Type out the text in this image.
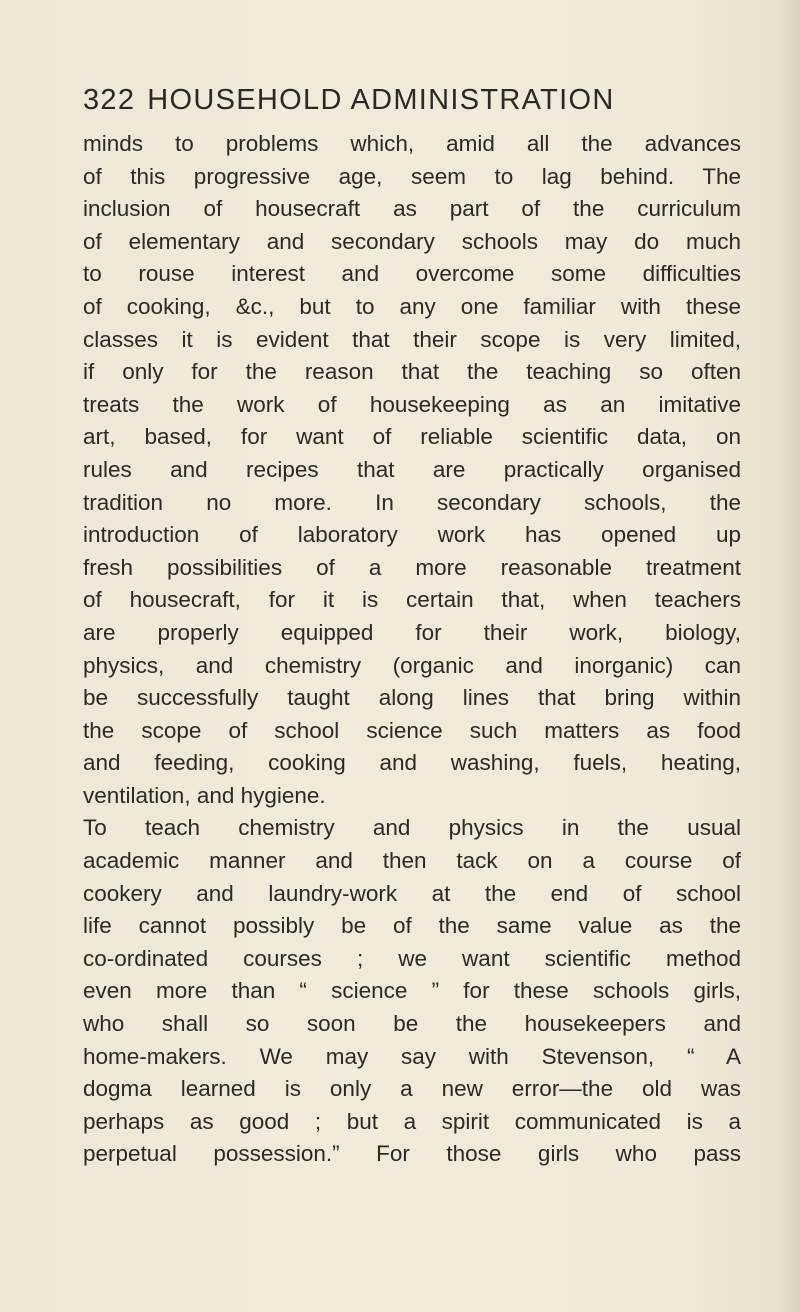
322 HOUSEHOLD ADMINISTRATION
minds to problems which, amid all the advances
of this progressive age, seem to lag behind. The
inclusion of housecraft as part of the curriculum
of elementary and secondary schools may do much
to rouse interest and overcome some difficulties
of cooking, &c., but to any one familiar with these
classes it is evident that their scope is very limited,
if only for the reason that the teaching so often
treats the work of housekeeping as an imitative
art, based, for want of reliable scientific data, on
rules and recipes that are practically organised
tradition no more. In secondary schools, the
introduction of laboratory work has opened up
fresh possibilities of a more reasonable treatment
of housecraft, for it is certain that, when teachers
are properly equipped for their work, biology,
physics, and chemistry (organic and inorganic) can
be successfully taught along lines that bring within
the scope of school science such matters as food
and feeding, cooking and washing, fuels, heating,
ventilation, and hygiene.
To teach chemistry and physics in the usual
academic manner and then tack on a course of
cookery and laundry-work at the end of school
life cannot possibly be of the same value as the
co-ordinated courses ; we want scientific method
even more than “ science ” for these schools girls,
who shall so soon be the housekeepers and
home-makers. We may say with Stevenson, “ A
dogma learned is only a new error—the old was
perhaps as good ; but a spirit communicated is a
perpetual possession.” For those girls who pass
